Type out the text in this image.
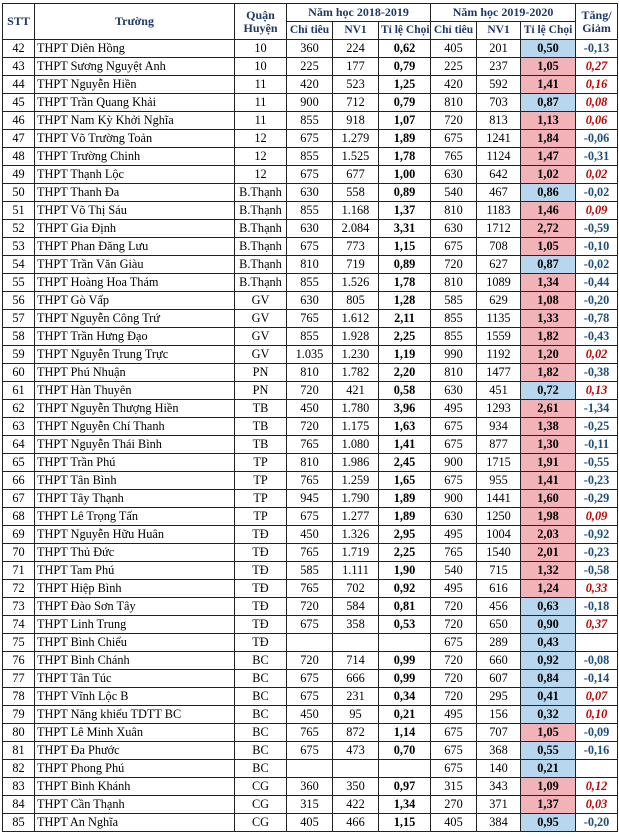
STT	Trường	Quận
Huyện	Năm học 2018-2019			Năm học 2019-2020			Tăng/
Giảm
			Chỉ tiêu	NV1	Tỉ lệ Chọi	Chỉ tiêu	NV1	Tỉ lệ Chọi	
42	THPT Diên Hồng	10	360	224	0,62	405	201	0,50	-0,13
43	THPT Sương Nguyệt Anh	10	225	177	0,79	225	237	1,05	0,27
44	THPT Nguyễn Hiền	11	420	523	1,25	420	592	1,41	0,16
45	THPT Trần Quang Khải	11	900	712	0,79	810	703	0,87	0,08
46	THPT Nam Kỳ Khởi Nghĩa	11	855	918	1,07	720	813	1,13	0,06
47	THPT Võ Trường Toản	12	675	1.279	1,89	675	1241	1,84	-0,06
48	THPT Trường Chinh	12	855	1.525	1,78	765	1124	1,47	-0,31
49	THPT Thạnh Lộc	12	675	677	1,00	630	642	1,02	0,02
50	THPT Thanh Đa	B.Thạnh	630	558	0,89	540	467	0,86	-0,02
51	THPT Võ Thị Sáu	B.Thạnh	855	1.168	1,37	810	1183	1,46	0,09
52	THPT Gia Định	B.Thạnh	630	2.084	3,31	630	1712	2,72	-0,59
53	THPT Phan Đăng Lưu	B.Thạnh	675	773	1,15	675	708	1,05	-0,10
54	THPT Trần Văn Giàu	B.Thạnh	810	719	0,89	720	627	0,87	-0,02
55	THPT Hoàng Hoa Thám	B.Thạnh	855	1.526	1,78	810	1089	1,34	-0,44
56	THPT Gò Vấp	GV	630	805	1,28	585	629	1,08	-0,20
57	THPT Nguyễn Công Trứ	GV	765	1.612	2,11	855	1135	1,33	-0,78
58	THPT Trần Hưng Đạo	GV	855	1.928	2,25	855	1559	1,82	-0,43
59	THPT Nguyễn Trung Trực	GV	1.035	1.230	1,19	990	1192	1,20	0,02
60	THPT Phú Nhuận	PN	810	1.782	2,20	810	1477	1,82	-0,38
61	THPT Hàn Thuyên	PN	720	421	0,58	630	451	0,72	0,13
62	THPT Nguyễn Thượng Hiền	TB	450	1.780	3,96	495	1293	2,61	-1,34
63	THPT Nguyễn Chí Thanh	TB	720	1.175	1,63	675	934	1,38	-0,25
64	THPT Nguyễn Thái Bình	TB	765	1.080	1,41	675	877	1,30	-0,11
65	THPT Trần Phú	TP	810	1.986	2,45	900	1715	1,91	-0,55
66	THPT Tân Bình	TP	765	1.259	1,65	675	955	1,41	-0,23
67	THPT Tây Thạnh	TP	945	1.790	1,89	900	1441	1,60	-0,29
68	THPT Lê Trọng Tấn	TP	675	1.277	1,89	630	1250	1,98	0,09
69	THPT Nguyễn Hữu Huân	TĐ	450	1.326	2,95	495	1004	2,03	-0,92
70	THPT Thủ Đức	TĐ	765	1.719	2,25	765	1540	2,01	-0,23
71	THPT Tam Phú	TĐ	585	1.111	1,90	540	715	1,32	-0,58
72	THPT Hiệp Bình	TĐ	765	702	0,92	495	616	1,24	0,33
73	THPT Đào Sơn Tây	TĐ	720	584	0,81	720	456	0,63	-0,18
74	THPT Linh Trung	TĐ	675	358	0,53	720	650	0,90	0,37
75	THPT Bình Chiểu	TĐ				675	289	0,43	
76	THPT Bình Chánh	BC	720	714	0,99	720	660	0,92	-0,08
77	THPT Tân Túc	BC	675	666	0,99	720	607	0,84	-0,14
78	THPT Vĩnh Lộc B	BC	675	231	0,34	720	295	0,41	0,07
79	THPT Năng khiếu TDTT BC	BC	450	95	0,21	495	156	0,32	0,10
80	THPT Lê Minh Xuân	BC	765	872	1,14	675	707	1,05	-0,09
81	THPT Đa Phước	BC	675	473	0,70	675	368	0,55	-0,16
82	THPT Phong Phú	BC				675	140	0,21	
83	THPT Bình Khánh	CG	360	350	0,97	315	343	1,09	0,12
84	THPT Cần Thạnh	CG	315	422	1,34	270	371	1,37	0,03
85	THPT An Nghĩa	CG	405	466	1,15	405	384	0,95	-0,20
